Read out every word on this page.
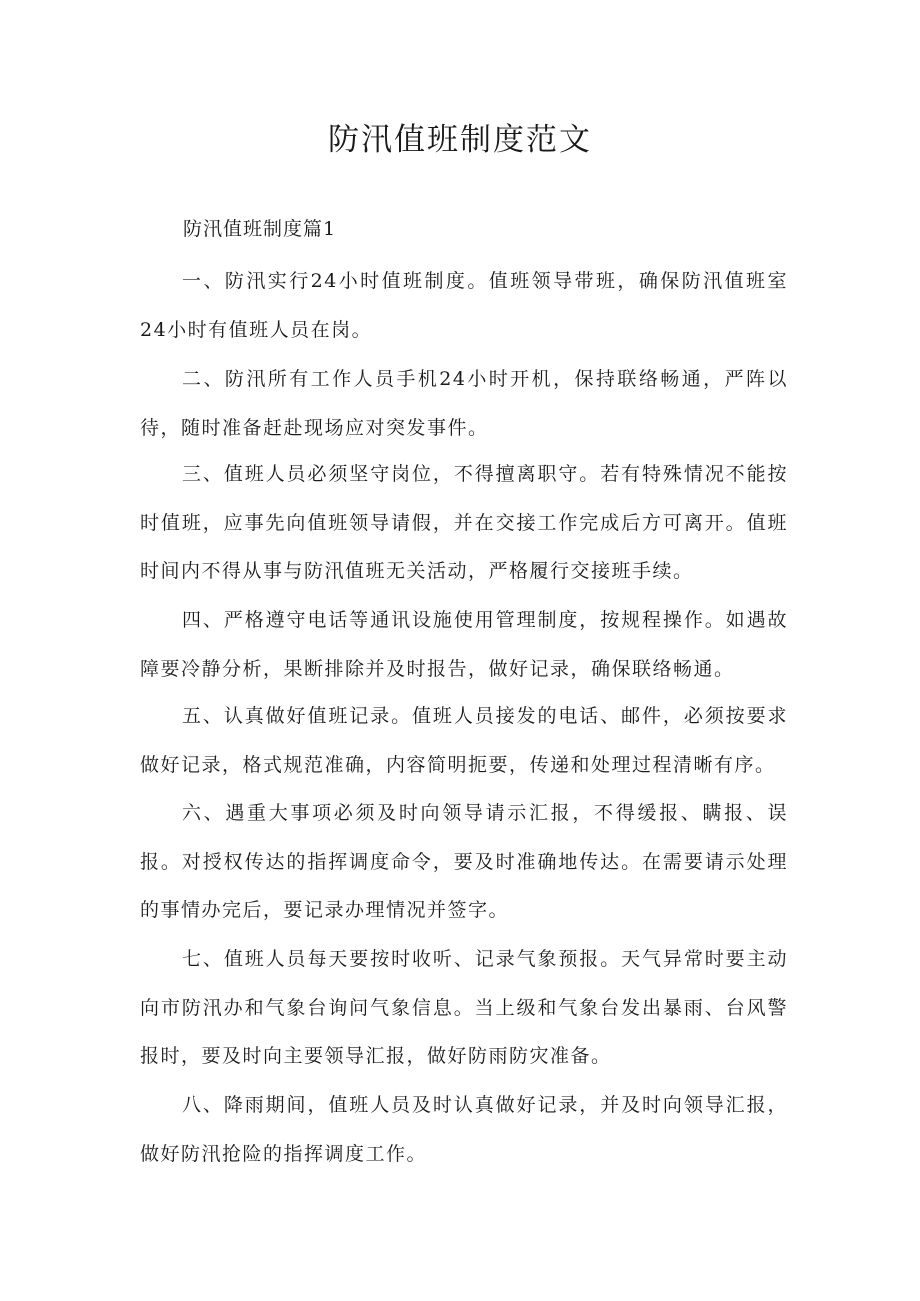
防汛值班制度范文
防汛值班制度篇1

一、防汛实行24小时值班制度。值班领导带班，确保防汛值班室24小时有值班人员在岗。

二、防汛所有工作人员手机24小时开机，保持联络畅通，严阵以待，随时准备赶赴现场应对突发事件。

三、值班人员必须坚守岗位，不得擅离职守。若有特殊情况不能按时值班，应事先向值班领导请假，并在交接工作完成后方可离开。值班时间内不得从事与防汛值班无关活动，严格履行交接班手续。

四、严格遵守电话等通讯设施使用管理制度，按规程操作。如遇故障要冷静分析，果断排除并及时报告，做好记录，确保联络畅通。

五、认真做好值班记录。值班人员接发的电话、邮件，必须按要求做好记录，格式规范准确，内容简明扼要，传递和处理过程清晰有序。

六、遇重大事项必须及时向领导请示汇报，不得缓报、瞒报、误报。对授权传达的指挥调度命令，要及时准确地传达。在需要请示处理的事情办完后，要记录办理情况并签字。

七、值班人员每天要按时收听、记录气象预报。天气异常时要主动向市防汛办和气象台询问气象信息。当上级和气象台发出暴雨、台风警报时，要及时向主要领导汇报，做好防雨防灾准备。

八、降雨期间，值班人员及时认真做好记录，并及时向领导汇报，做好防汛抢险的指挥调度工作。
